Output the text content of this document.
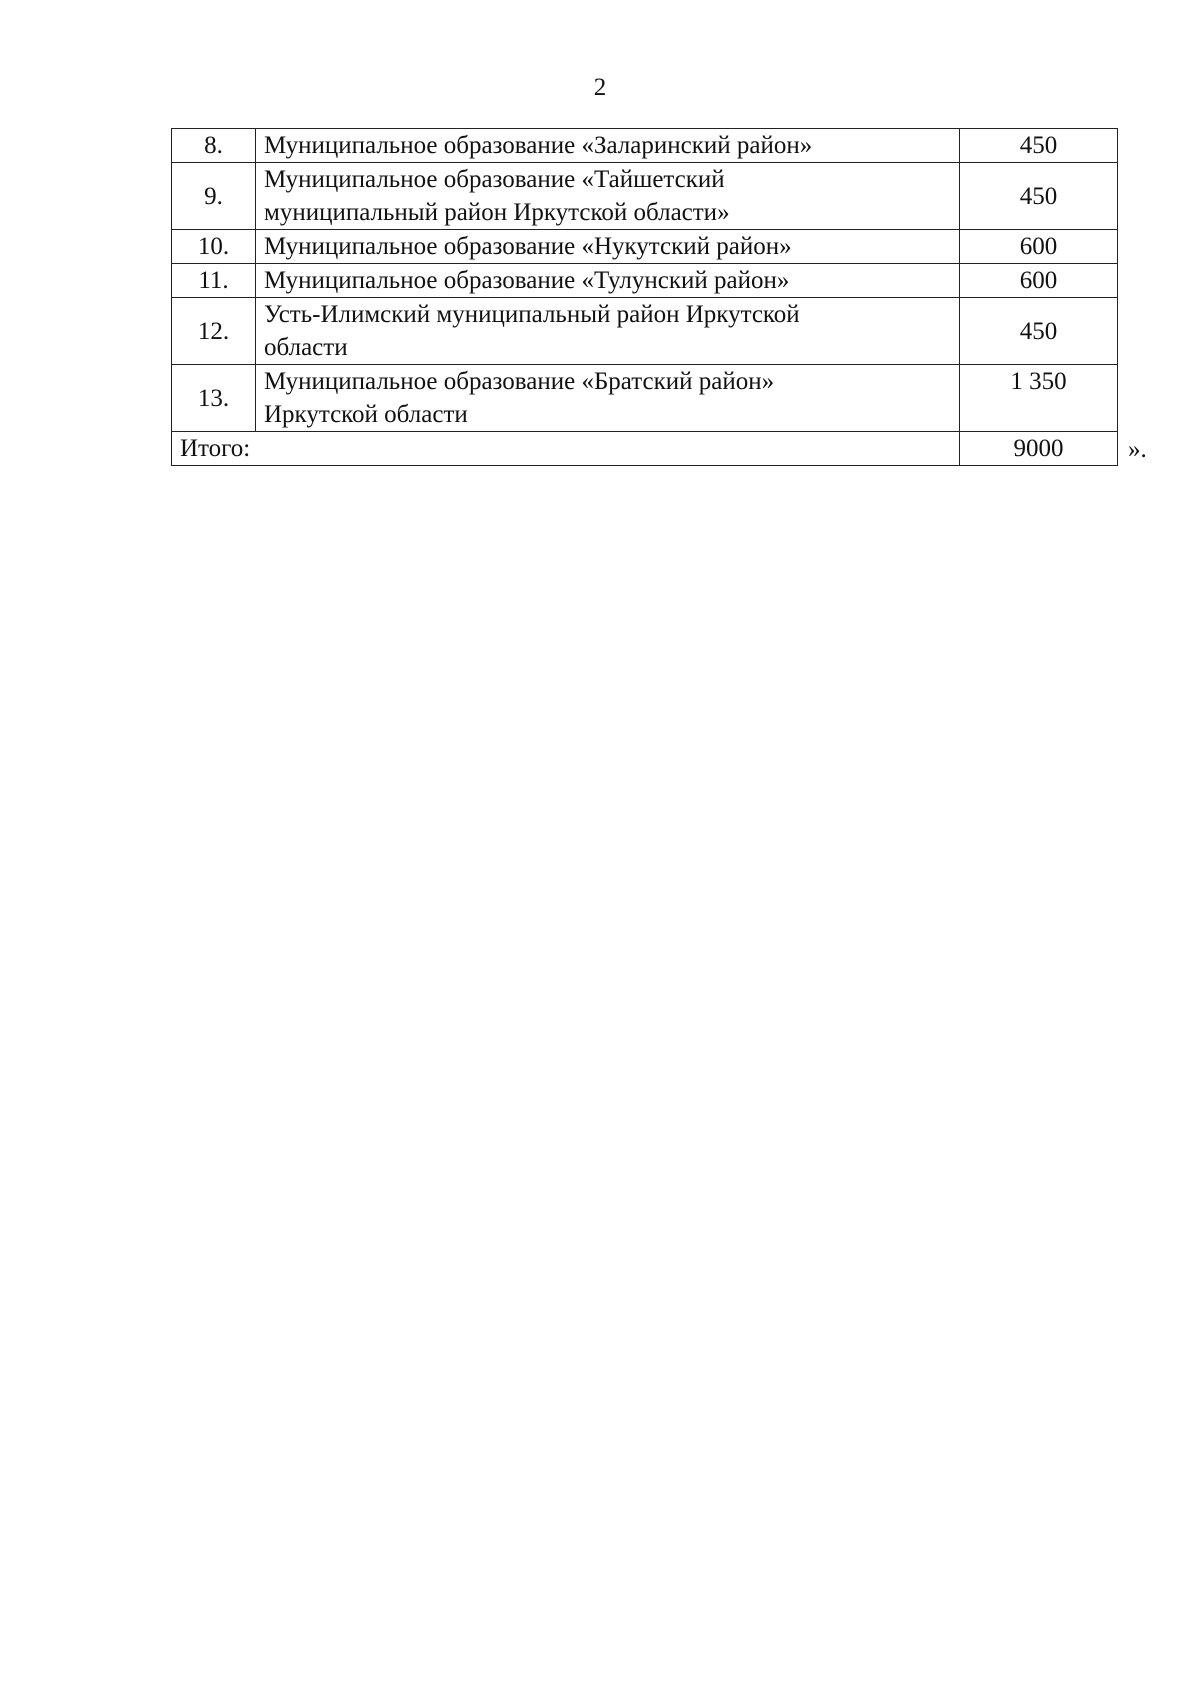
2
8.	Муниципальное образование «Заларинский район»	450
9.	Муниципальное образование «Тайшетский
муниципальный район Иркутской области»	450
10.	Муниципальное образование «Нукутский район»	600
11.	Муниципальное образование «Тулунский район»	600
12.	Усть-Илимский муниципальный район Иркутской
области	450
13.	Муниципальное образование «Братский район»
Иркутской области	1 350
Итого:		9000	».
